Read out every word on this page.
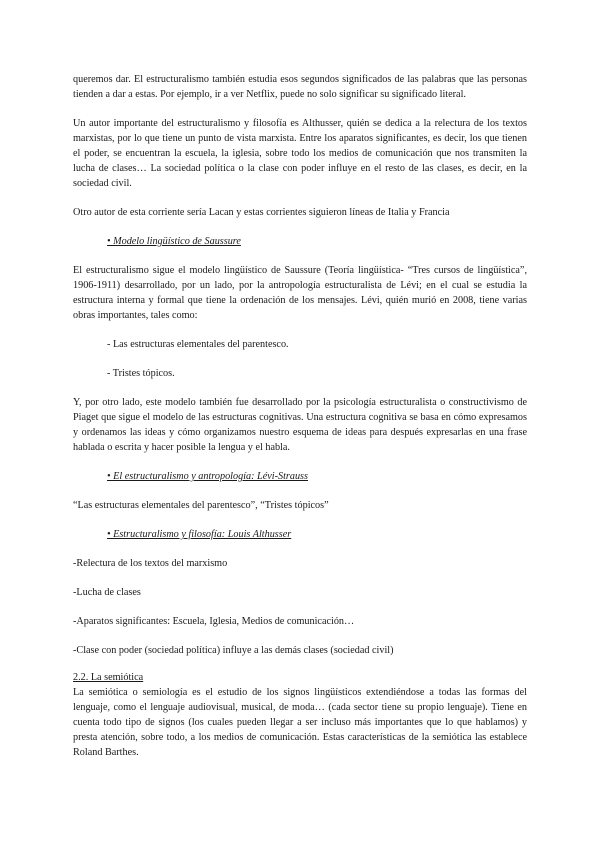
queremos dar. El estructuralismo también estudia esos segundos significados de las palabras que las personas tienden a dar a estas. Por ejemplo, ir a ver Netflix, puede no solo significar su significado literal.

Un autor importante del estructuralismo y filosofía es Althusser, quién se dedica a la relectura de los textos marxistas, por lo que tiene un punto de vista marxista. Entre los aparatos significantes, es decir, los que tienen el poder, se encuentran la escuela, la iglesia, sobre todo los medios de comunicación que nos transmiten la lucha de clases… La sociedad política o la clase con poder influye en el resto de las clases, es decir, en la sociedad civil.

Otro autor de esta corriente sería Lacan y estas corrientes siguieron líneas de Italia y Francia

• Modelo lingüístico de Saussure

El estructuralismo sigue el modelo lingüístico de Saussure (Teoría lingüística- “Tres cursos de lingüística”, 1906-1911) desarrollado, por un lado, por la antropología estructuralista de Lévi; en el cual se estudia la estructura interna y formal que tiene la ordenación de los mensajes. Lévi, quién murió en 2008, tiene varias obras importantes, tales como:

- Las estructuras elementales del parentesco.

- Tristes tópicos.

Y, por otro lado, este modelo también fue desarrollado por la psicología estructuralista o constructivismo de Piaget que sigue el modelo de las estructuras cognitivas. Una estructura cognitiva se basa en cómo expresamos y ordenamos las ideas y cómo organizamos nuestro esquema de ideas para después expresarlas en una frase hablada o escrita y hacer posible la lengua y el habla.

• El estructuralismo y antropología: Lévi-Strauss

“Las estructuras elementales del parentesco”, “Tristes tópicos”

• Estructuralismo y filosofía: Louis Althusser

-Relectura de los textos del marxismo

-Lucha de clases

-Aparatos significantes: Escuela, Iglesia, Medios de comunicación…

-Clase con poder (sociedad política) influye a las demás clases (sociedad civil)

2.2. La semiótica

La semiótica o semiología es el estudio de los signos lingüísticos extendiéndose a todas las formas del lenguaje, como el lenguaje audiovisual, musical, de moda… (cada sector tiene su propio lenguaje). Tiene en cuenta todo tipo de signos (los cuales pueden llegar a ser incluso más importantes que lo que hablamos) y presta atención, sobre todo, a los medios de comunicación. Estas características de la semiótica las establece Roland Barthes.
